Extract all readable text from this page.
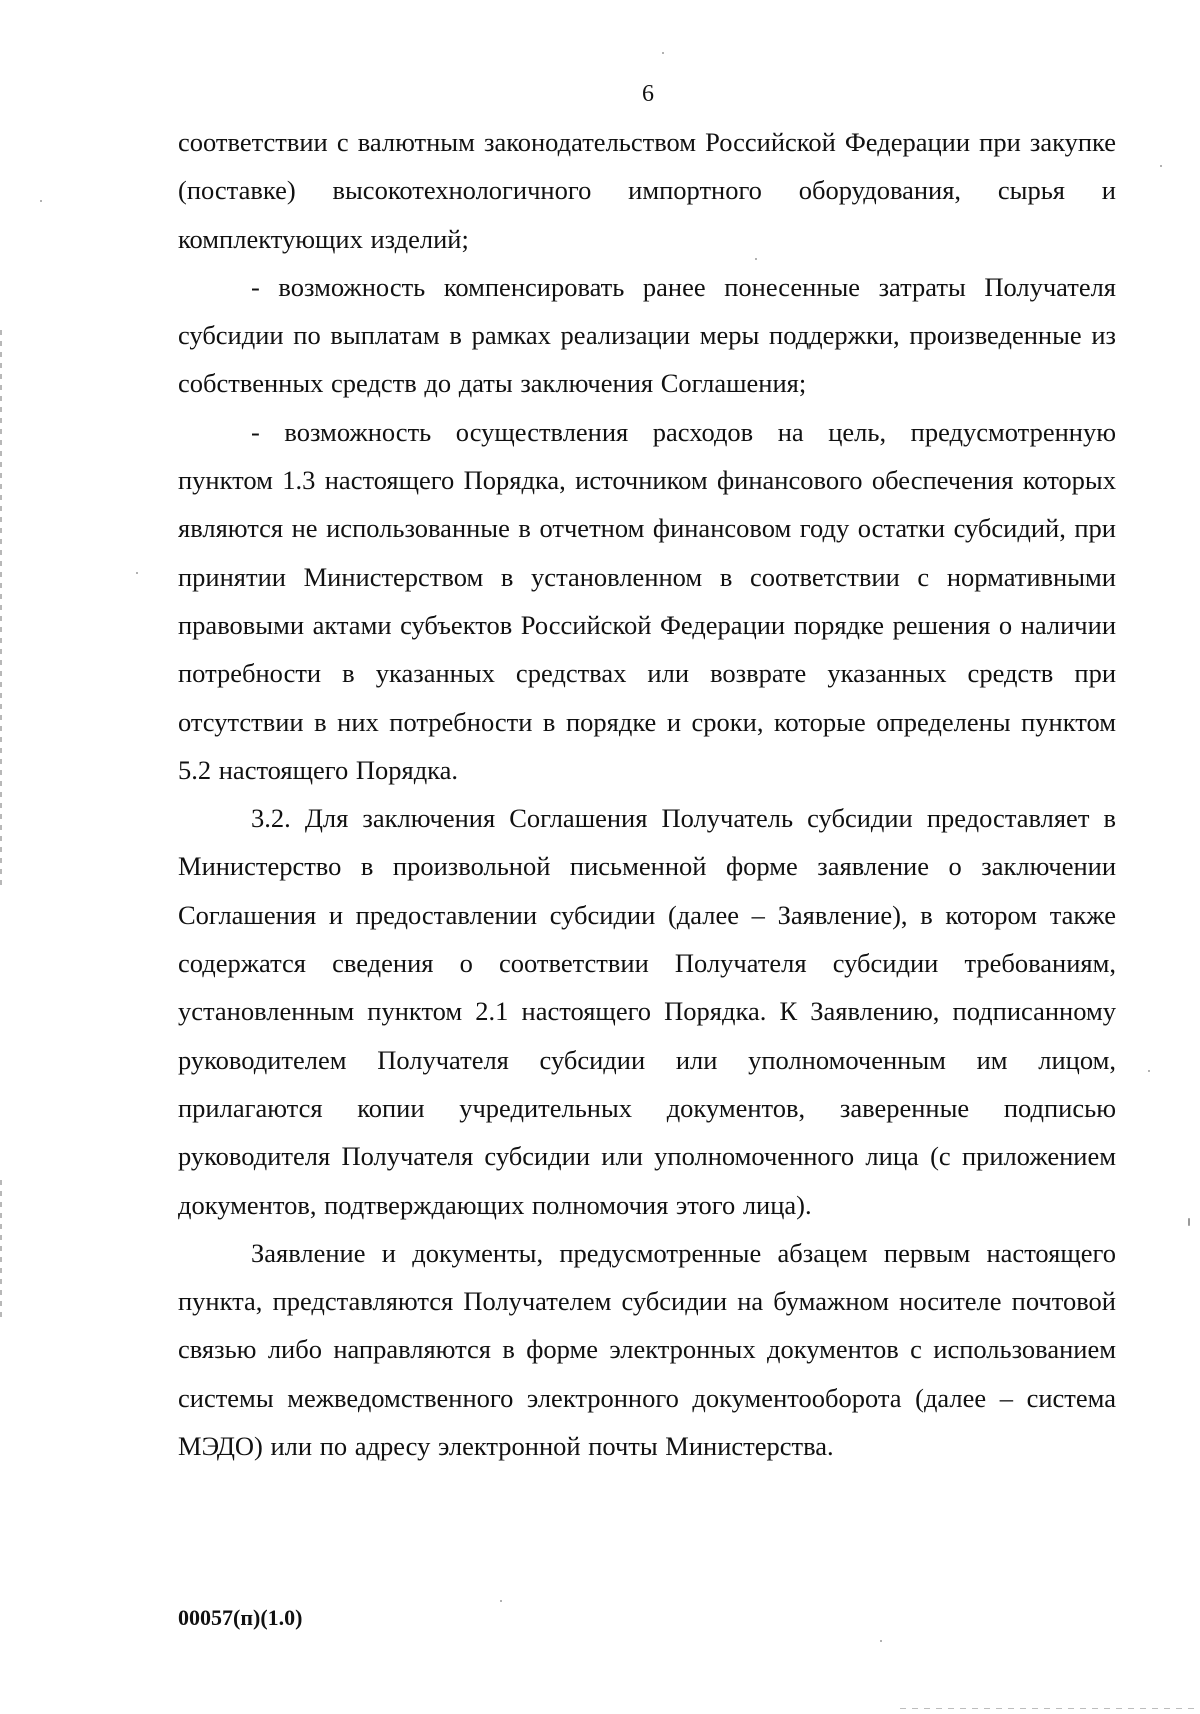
6

соответствии с валютным законодательством Российской Федерации при закупке (поставке) высокотехнологичного импортного оборудования, сырья и комплектующих изделий;

- возможность компенсировать ранее понесенные затраты Получателя субсидии по выплатам в рамках реализации меры поддержки, произведенные из собственных средств до даты заключения Соглашения;

- возможность осуществления расходов на цель, предусмотренную пунктом 1.3 настоящего Порядка, источником финансового обеспечения которых являются не использованные в отчетном финансовом году остатки субсидий, при принятии Министерством в установленном в соответствии с нормативными правовыми актами субъектов Российской Федерации порядке решения о наличии потребности в указанных средствах или возврате указанных средств при отсутствии в них потребности в порядке и сроки, которые определены пунктом 5.2 настоящего Порядка.

3.2. Для заключения Соглашения Получатель субсидии предоставляет в Министерство в произвольной письменной форме заявление о заключении Соглашения и предоставлении субсидии (далее – Заявление), в котором также содержатся сведения о соответствии Получателя субсидии требованиям, установленным пунктом 2.1 настоящего Порядка. К Заявлению, подписанному руководителем Получателя субсидии или уполномоченным им лицом, прилагаются копии учредительных документов, заверенные подписью руководителя Получателя субсидии или уполномоченного лица (с приложением документов, подтверждающих полномочия этого лица).

Заявление и документы, предусмотренные абзацем первым настоящего пункта, представляются Получателем субсидии на бумажном носителе почтовой связью либо направляются в форме электронных документов с использованием системы межведомственного электронного документооборота (далее – система МЭДО) или по адресу электронной почты Министерства.

00057(п)(1.0)
